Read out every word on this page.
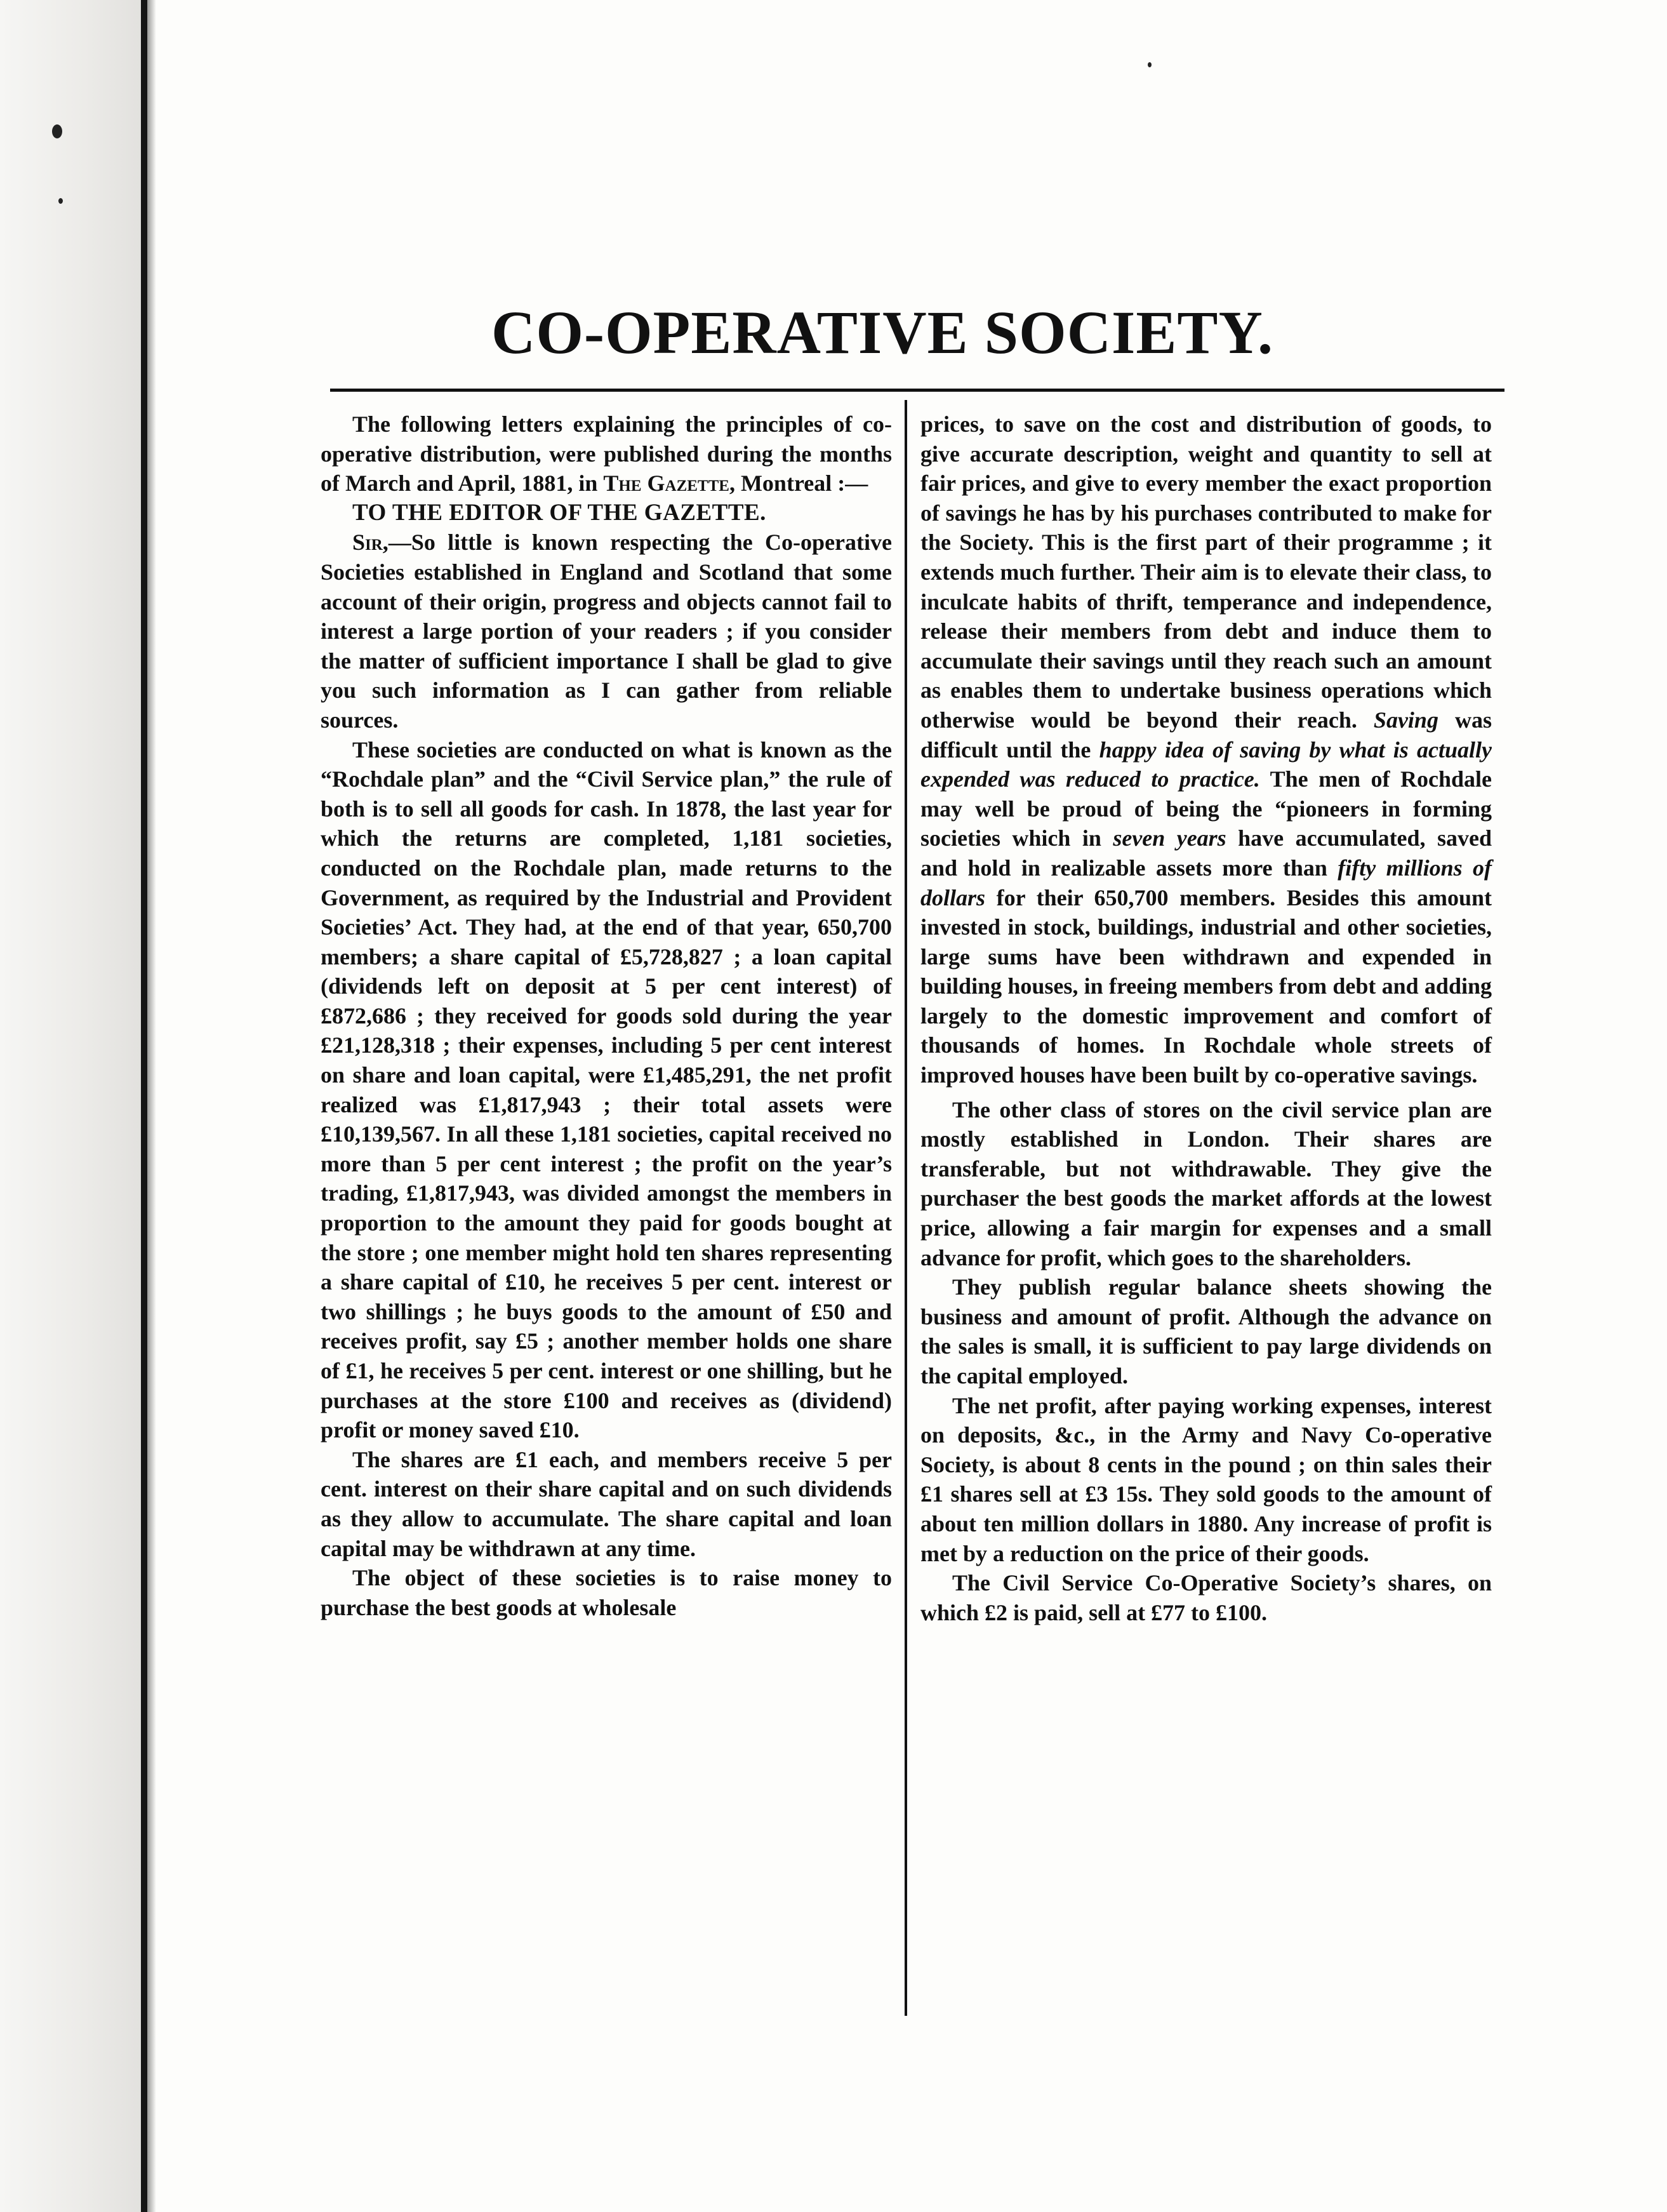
CO-OPERATIVE SOCIETY.

The following letters explaining the principles of co-operative distribution, were published during the months of March and April, 1881, in The Gazette, Montreal :—

TO THE EDITOR OF THE GAZETTE.

Sir,—So little is known respecting the Co-operative Societies established in England and Scotland that some account of their origin, progress and objects cannot fail to interest a large portion of your readers ; if you consider the matter of sufficient importance I shall be glad to give you such information as I can gather from reliable sources.

These societies are conducted on what is known as the “Rochdale plan” and the “Civil Service plan,” the rule of both is to sell all goods for cash. In 1878, the last year for which the returns are completed, 1,181 societies, conducted on the Rochdale plan, made returns to the Government, as required by the Industrial and Provident Societies’ Act. They had, at the end of that year, 650,700 members; a share capital of £5,728,827 ; a loan capital (dividends left on deposit at 5 per cent interest) of £872,686 ; they received for goods sold during the year £21,128,318 ; their expenses, including 5 per cent interest on share and loan capital, were £1,485,291, the net profit realized was £1,817,943 ; their total assets were £10,139,567. In all these 1,181 societies, capital received no more than 5 per cent interest ; the profit on the year’s trading, £1,817,943, was divided amongst the members in proportion to the amount they paid for goods bought at the store ; one member might hold ten shares representing a share capital of £10, he receives 5 per cent. interest or two shillings ; he buys goods to the amount of £50 and receives profit, say £5 ; another member holds one share of £1, he receives 5 per cent. interest or one shilling, but he purchases at the store £100 and receives as (dividend) profit or money saved £10.

The shares are £1 each, and members receive 5 per cent. interest on their share capital and on such dividends as they allow to accumulate. The share capital and loan capital may be withdrawn at any time.

The object of these societies is to raise money to purchase the best goods at wholesale

prices, to save on the cost and distribution of goods, to give accurate description, weight and quantity to sell at fair prices, and give to every member the exact proportion of savings he has by his purchases contributed to make for the Society. This is the first part of their programme ; it extends much further. Their aim is to elevate their class, to inculcate habits of thrift, temperance and independence, release their members from debt and induce them to accumulate their savings until they reach such an amount as enables them to undertake business operations which otherwise would be beyond their reach. Saving was difficult until the happy idea of saving by what is actually expended was reduced to practice. The men of Rochdale may well be proud of being the “pioneers in forming societies which in seven years have accumulated, saved and hold in realizable assets more than fifty millions of dollars for their 650,700 members. Besides this amount invested in stock, buildings, industrial and other societies, large sums have been withdrawn and expended in building houses, in freeing members from debt and adding largely to the domestic improvement and comfort of thousands of homes. In Rochdale whole streets of improved houses have been built by co-operative savings.

The other class of stores on the civil service plan are mostly established in London. Their shares are transferable, but not withdrawable. They give the purchaser the best goods the market affords at the lowest price, allowing a fair margin for expenses and a small advance for profit, which goes to the shareholders.

They publish regular balance sheets showing the business and amount of profit. Although the advance on the sales is small, it is sufficient to pay large dividends on the capital employed.

The net profit, after paying working expenses, interest on deposits, &c., in the Army and Navy Co-operative Society, is about 8 cents in the pound ; on thin sales their £1 shares sell at £3 15s. They sold goods to the amount of about ten million dollars in 1880. Any increase of profit is met by a reduction on the price of their goods.

The Civil Service Co-Operative Society’s shares, on which £2 is paid, sell at £77 to £100.
